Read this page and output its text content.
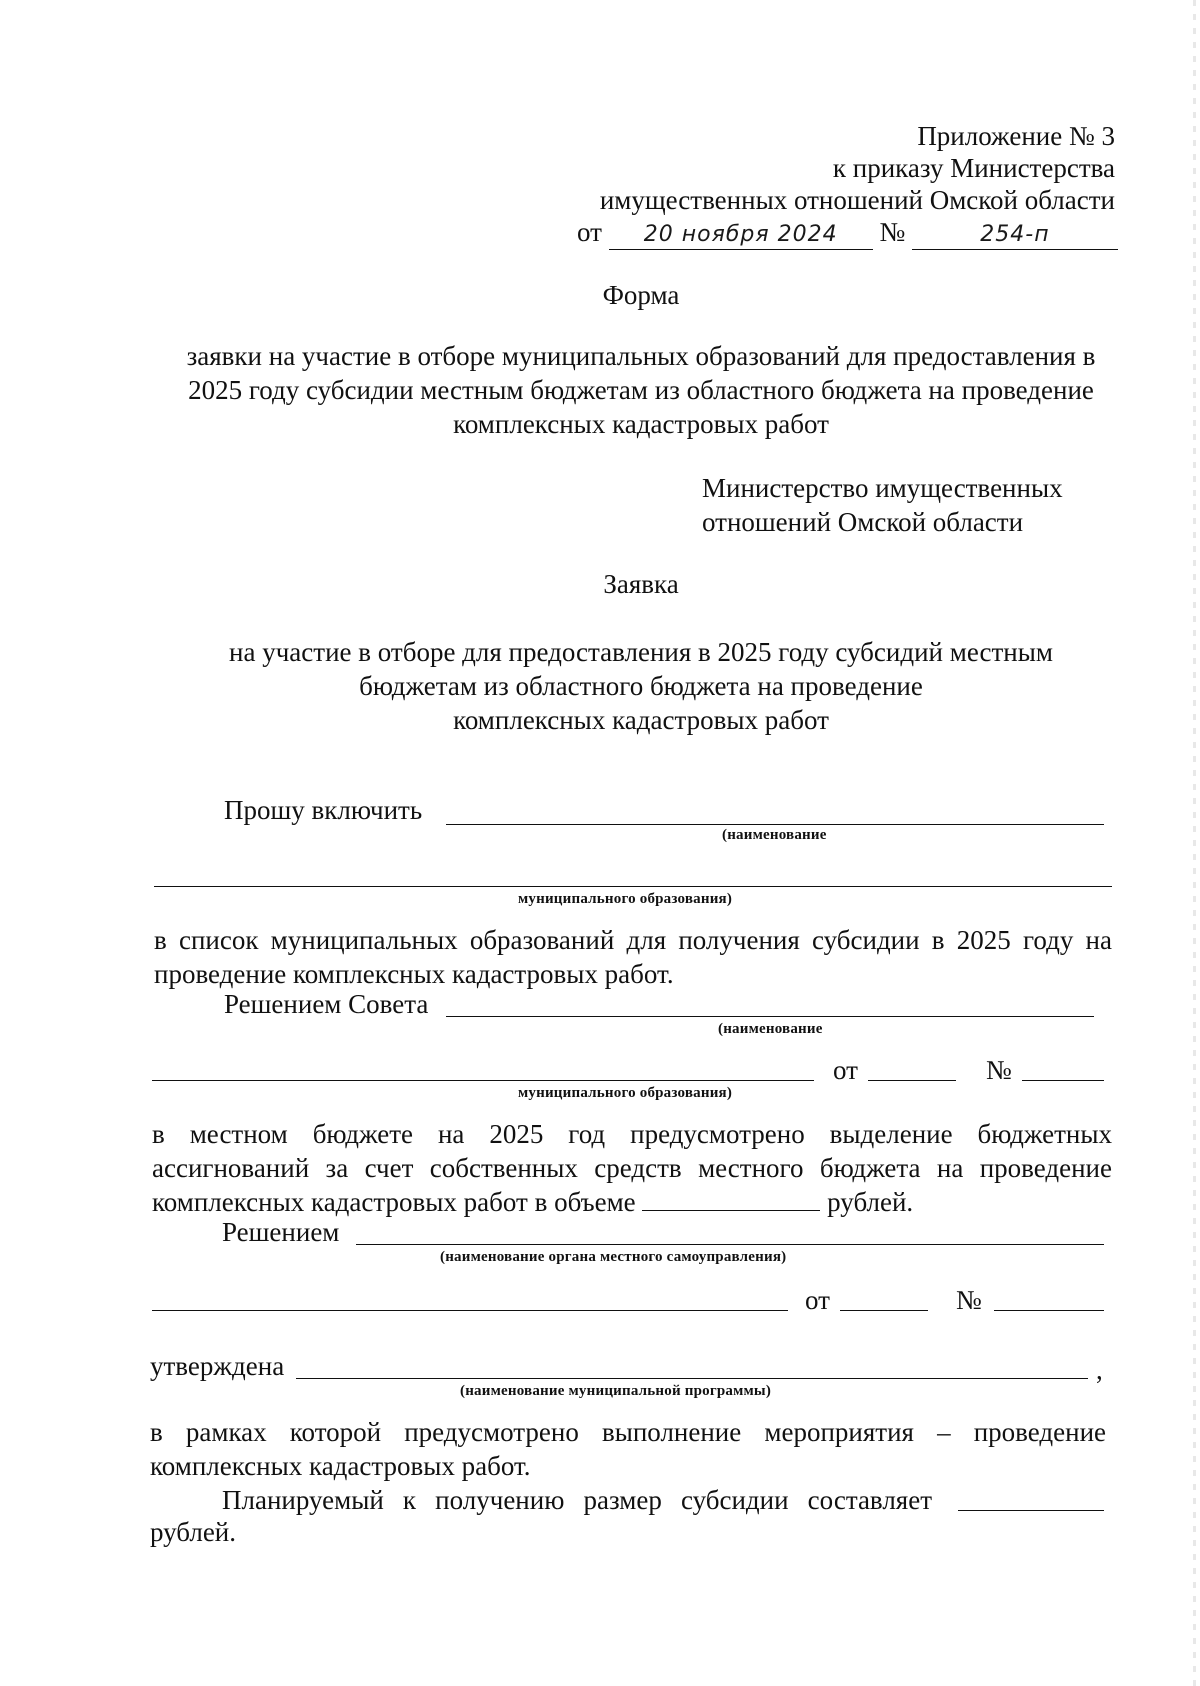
Приложение № 3
к приказу Министерства
имущественных отношений Омской области
от 20 ноября 2024 №	254-п
Форма
заявки на участие в отборе муниципальных образований для предоставления в
2025 году субсидии местным бюджетам из областного бюджета на проведение
комплексных кадастровых работ
Министерство имущественных
отношений Омской области
Заявка
на участие в отборе для предоставления в 2025 году субсидий местным
бюджетам из областного бюджета на проведение
комплексных кадастровых работ
Прошу включить
(наименование
муниципального образования)
в список муниципальных образований для получения субсидии в 2025 году на
проведение комплексных кадастровых работ.
Решением Совета
(наименование
от	№
муниципального образования)
в местном бюджете на 2025 год предусмотрено выделение бюджетных
ассигнований за счет собственных средств местного бюджета на проведение
комплексных кадастровых работ в объеме	рублей.
Решением
(наименование органа местного самоуправления)
от	№
утверждена	,
(наименование муниципальной программы)
в рамках которой предусмотрено выполнение мероприятия – проведение
комплексных кадастровых работ.
Планируемый к получению размер субсидии составляет
рублей.
